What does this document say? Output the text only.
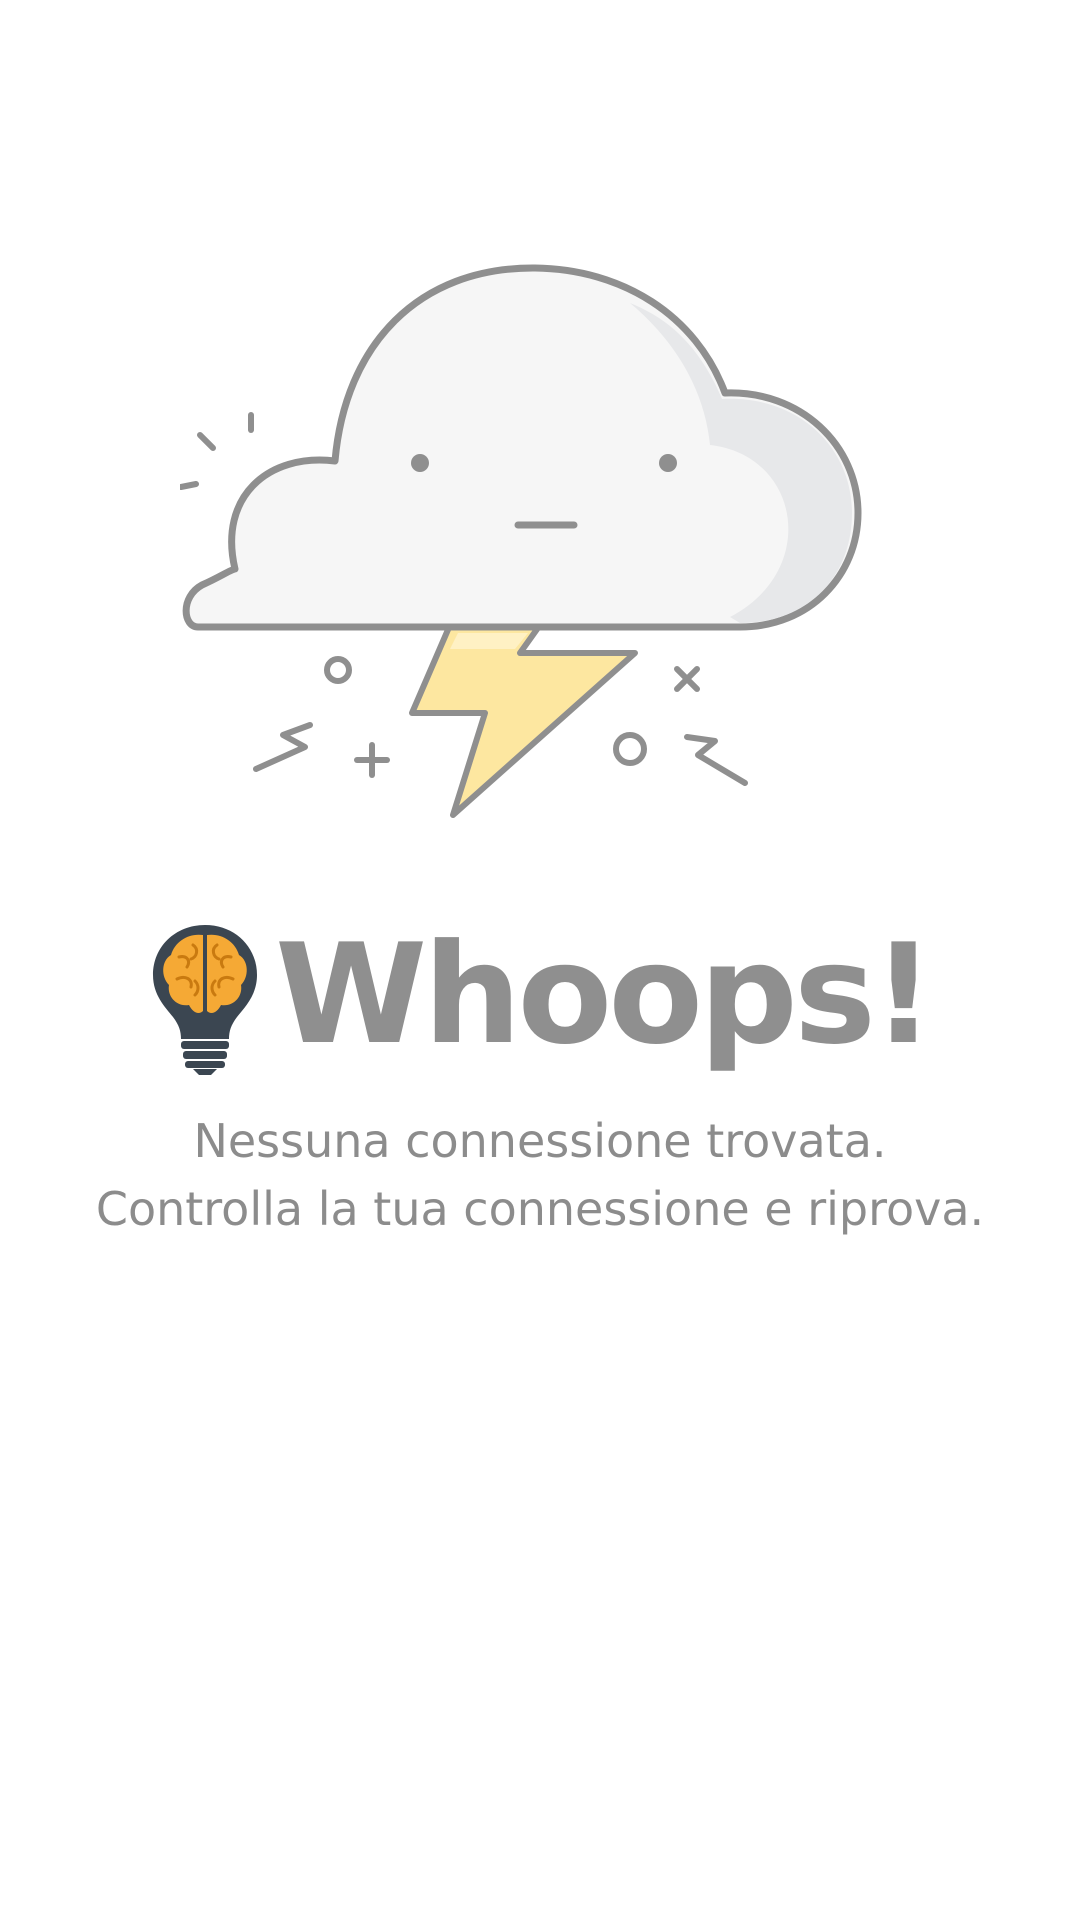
Whoops!
Nessuna connessione trovata.
Controlla la tua connessione e riprova.
